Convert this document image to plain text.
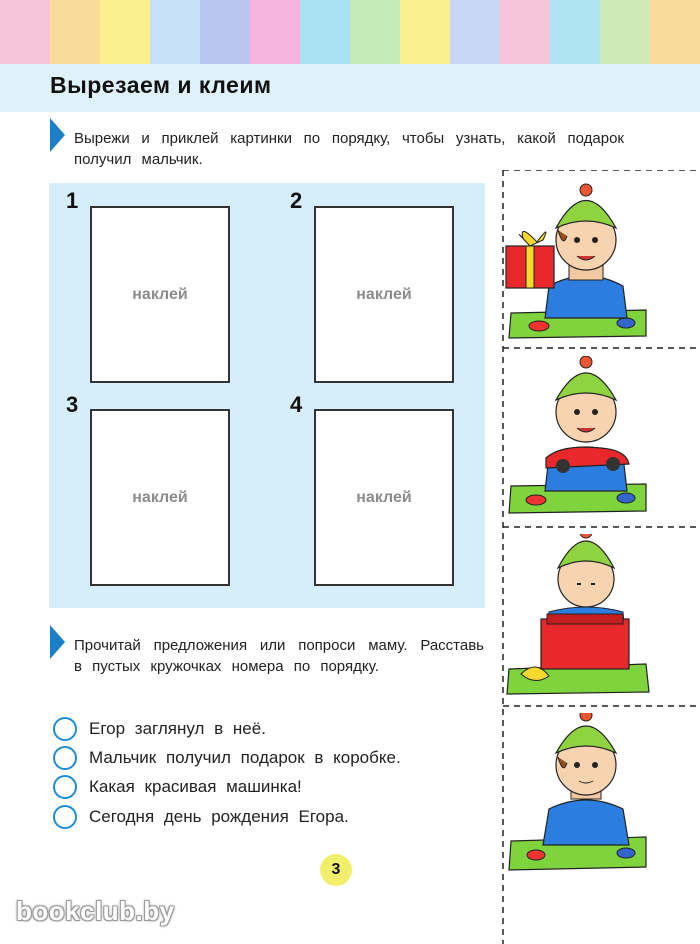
Вырезаем и клеим
Вырежи и приклей картинки по порядку, чтобы узнать, какой подарок получил мальчик.
1
наклей
2
наклей
3
наклей
4
наклей
Прочитай предложения или попроси маму. Расставь в пустых кружочках номера по порядку.
Егор заглянул в неё.
Мальчик получил подарок в коробке.
Какая красивая машинка!
Сегодня день рождения Егора.
3
bookclub.by
